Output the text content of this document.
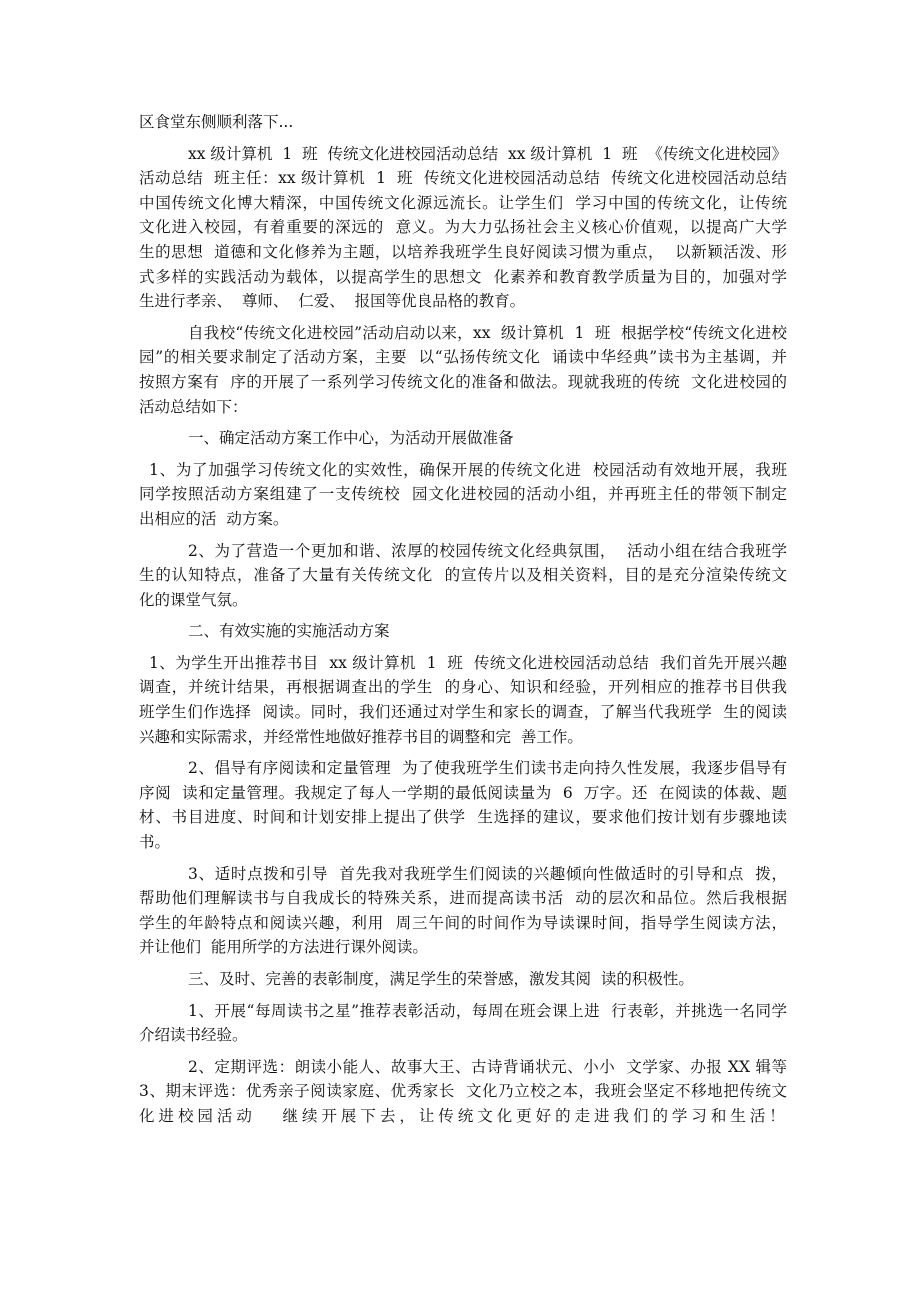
区食堂东侧顺利落下...
xx 级计算机  1  班  传统文化进校园活动总结  xx 级计算机  1  班  《传统文化进校园》
活动总结  班主任：xx 级计算机  1  班  传统文化进校园活动总结  传统文化进校园活动总结
中国传统文化博大精深，中国传统文化源远流长。让学生们  学习中国的传统文化，让传统
文化进入校园，有着重要的深远的  意义。为大力弘扬社会主义核心价值观，以提高广大学
生的思想  道德和文化修养为主题，以培养我班学生良好阅读习惯为重点，  以新颖活泼、形
式多样的实践活动为载体，以提高学生的思想文  化素养和教育教学质量为目的，加强对学
生进行孝亲、  尊师、  仁爱、  报国等优良品格的教育。
自我校“传统文化进校园”活动启动以来，xx  级计算机  1  班  根据学校“传统文化进校
园”的相关要求制定了活动方案，主要  以“弘扬传统文化  诵读中华经典”读书为主基调，并
按照方案有  序的开展了一系列学习传统文化的准备和做法。现就我班的传统  文化进校园的
活动总结如下：
一、确定活动方案工作中心，为活动开展做准备
1、为了加强学习传统文化的实效性，确保开展的传统文化进  校园活动有效地开展，我班
同学按照活动方案组建了一支传统校  园文化进校园的活动小组，并再班主任的带领下制定
出相应的活  动方案。
2、为了营造一个更加和谐、浓厚的校园传统文化经典氛围，  活动小组在结合我班学
生的认知特点，准备了大量有关传统文化  的宣传片以及相关资料，目的是充分渲染传统文
化的课堂气氛。
二、有效实施的实施活动方案
1、为学生开出推荐书目  xx 级计算机  1  班  传统文化进校园活动总结  我们首先开展兴趣
调查，并统计结果，再根据调查出的学生  的身心、知识和经验，开列相应的推荐书目供我
班学生们作选择  阅读。同时，我们还通过对学生和家长的调查，了解当代我班学  生的阅读
兴趣和实际需求，并经常性地做好推荐书目的调整和完  善工作。
2、倡导有序阅读和定量管理  为了使我班学生们读书走向持久性发展，我逐步倡导有
序阅  读和定量管理。我规定了每人一学期的最低阅读量为  6  万字。还  在阅读的体裁、题
材、书目进度、时间和计划安排上提出了供学  生选择的建议，要求他们按计划有步骤地读
书。
3、适时点拨和引导  首先我对我班学生们阅读的兴趣倾向性做适时的引导和点  拨，
帮助他们理解读书与自我成长的特殊关系，进而提高读书活  动的层次和品位。然后我根据
学生的年龄特点和阅读兴趣，利用  周三午间的时间作为导读课时间，指导学生阅读方法，
并让他们  能用所学的方法进行课外阅读。
三、及时、完善的表彰制度，满足学生的荣誉感，激发其阅  读的积极性。
1、开展“每周读书之星”推荐表彰活动，每周在班会课上进  行表彰，并挑选一名同学
介绍读书经验。
2、定期评选：朗读小能人、故事大王、古诗背诵状元、小小  文学家、办报 XX 辑等
3、期末评选：优秀亲子阅读家庭、优秀家长  文化乃立校之本，我班会坚定不移地把传统文
化进校园活动   继续开展下去，让传统文化更好的走进我们的学习和生活！
